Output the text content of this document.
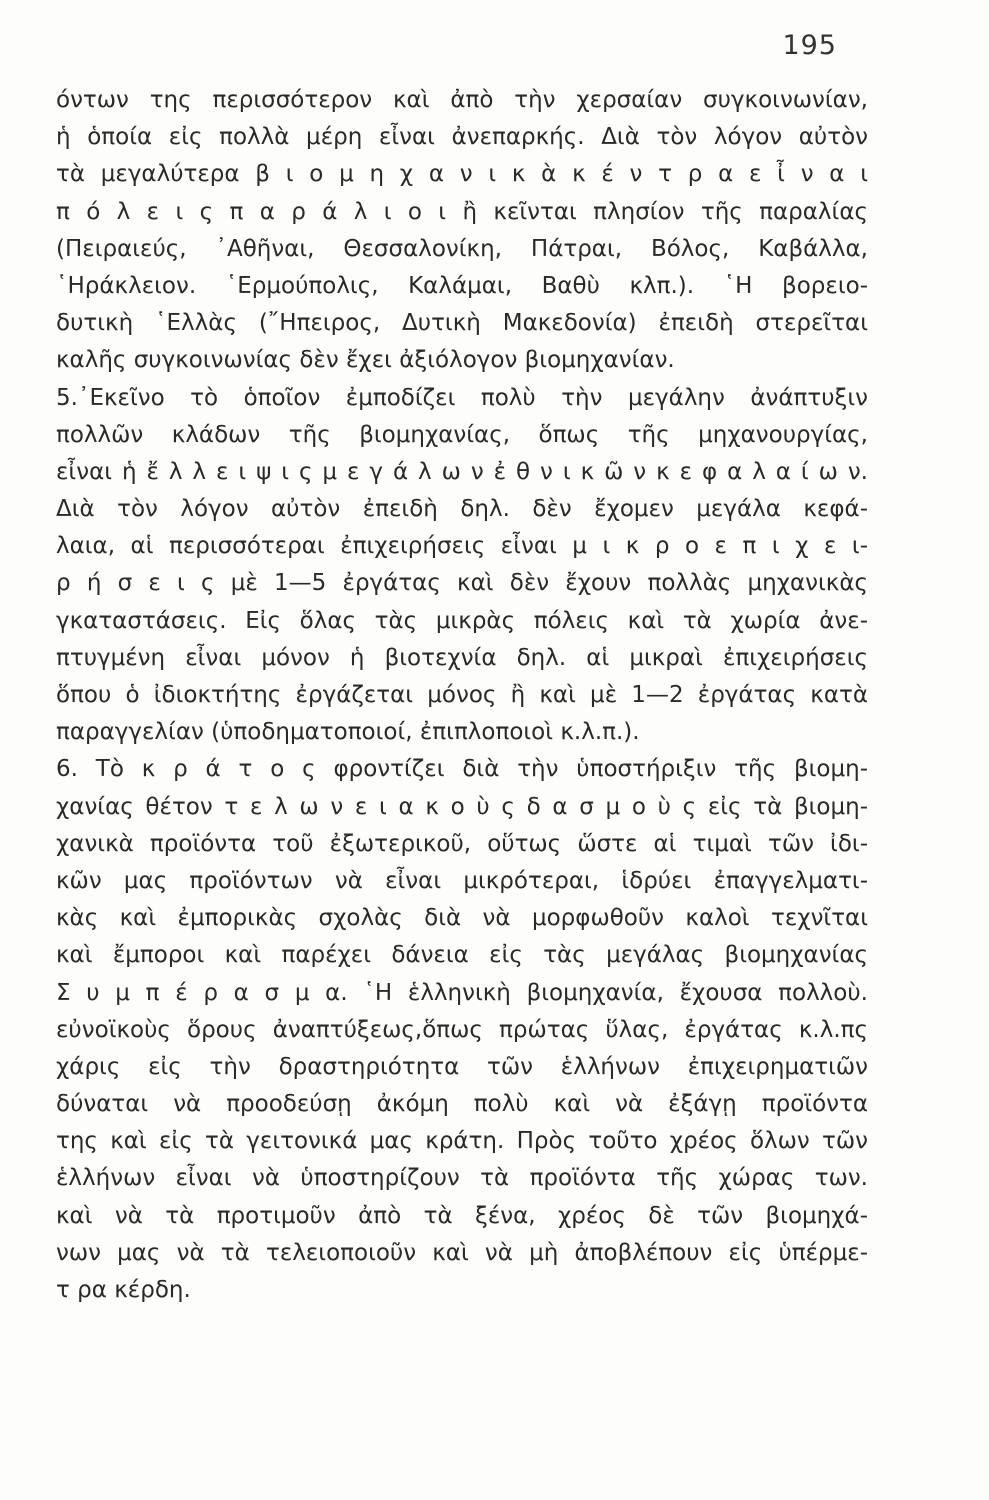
195
όντων της περισσότερον καὶ ἀπὸ τὴν χερσαίαν συγκοινωνίαν,
ἡ ὁποία εἰς πολλὰ μέρη εἶναι ἀνεπαρκής. Διὰ τὸν λόγον αὐτὸν
τὰ μεγαλύτερα β ι ο μ η χ α ν ι κ ὰ κ έ ν τ ρ α ε ἶ ν α ι
π ό λ ε ι ς π α ρ ά λ ι ο ι ἢ κεῖνται πλησίον τῆς παραλίας
(Πειραιεύς, ᾿Αθῆναι, Θεσσαλονίκη, Πάτραι, Βόλος, Καβάλλα,
῾Ηράκλειον. ῾Ερμούπολις, Καλάμαι, Βαθὺ κλπ.). ῾Η βορειο-
δυτικὴ ῾Ελλὰς (῎Ηπειρος, Δυτικὴ Μακεδονία) ἐπειδὴ στερεῖται
καλῆς συγκοινωνίας δὲν ἔχει ἀξιόλογον βιομηχανίαν.
5.᾿Εκεῖνο τὸ ὁποῖον ἐμποδίζει πολὺ τὴν μεγάλην ἀνάπτυξιν
πολλῶν κλάδων τῆς βιομηχανίας, ὅπως τῆς μηχανουργίας,
εἶναι ἡ ἔ λ λ ε ι ψ ι ς μ ε γ ά λ ω ν ἐ θ ν ι κ ῶ ν κ ε φ α λ α ί ω ν.
Διὰ τὸν λόγον αὐτὸν ἐπειδὴ δηλ. δὲν ἔχομεν μεγάλα κεφά-
λαια, αἱ περισσότεραι ἐπιχειρήσεις εἶναι μ ι κ ρ ο ε π ι χ ε ι-
ρ ή σ ε ι ς μὲ 1—5 ἐργάτας καὶ δὲν ἔχουν πολλὰς μηχανικὰς
γκαταστάσεις. Εἰς ὅλας τὰς μικρὰς πόλεις καὶ τὰ χωρία ἀνε-
πτυγμένη εἶναι μόνον ἡ βιοτεχνία δηλ. αἱ μικραὶ ἐπιχειρήσεις
ὅπου ὁ ἰδιοκτήτης ἐργάζεται μόνος ἢ καὶ μὲ 1—2 ἐργάτας κατὰ
παραγγελίαν (ὑποδηματοποιοί, ἐπιπλοποιοὶ κ.λ.π.).
6. Τὸ κ ρ ά τ ο ς φροντίζει διὰ τὴν ὑποστήριξιν τῆς βιομη-
χανίας θέτον τ ε λ ω ν ε ι α κ ο ὺ ς δ α σ μ ο ὺ ς εἰς τὰ βιομη-
χανικὰ προϊόντα τοῦ ἐξωτερικοῦ, οὕτως ὥστε αἱ τιμαὶ τῶν ἰδι-
κῶν μας προϊόντων νὰ εἶναι μικρότεραι, ἱδρύει ἐπαγγελματι-
κὰς καὶ ἐμπορικὰς σχολὰς διὰ νὰ μορφωθοῦν καλοὶ τεχνῖται
καὶ ἔμποροι καὶ παρέχει δάνεια εἰς τὰς μεγάλας βιομηχανίας
Σ υ μ π έ ρ α σ μ α. ῾Η ἑλληνικὴ βιομηχανία, ἔχουσα πολλοὺ.
εὐνοϊκοὺς ὅρους ἀναπτύξεως,ὅπως πρώτας ὕλας, ἐργάτας κ.λ.πς
χάρις εἰς τὴν δραστηριότητα τῶν ἑλλήνων ἐπιχειρηματιῶν
δύναται νὰ προοδεύσῃ ἀκόμη πολὺ καὶ νὰ ἐξάγῃ προϊόντα
της καὶ εἰς τὰ γειτονικά μας κράτη. Πρὸς τοῦτο χρέος ὅλων τῶν
ἑλλήνων εἶναι νὰ ὑποστηρίζουν τὰ προϊόντα τῆς χώρας των.
καὶ νὰ τὰ προτιμοῦν ἀπὸ τὰ ξένα, χρέος δὲ τῶν βιομηχά-
νων μας νὰ τὰ τελειοποιοῦν καὶ νὰ μὴ ἀποβλέπουν εἰς ὑπέρμε-
τ ρα κέρδη.
